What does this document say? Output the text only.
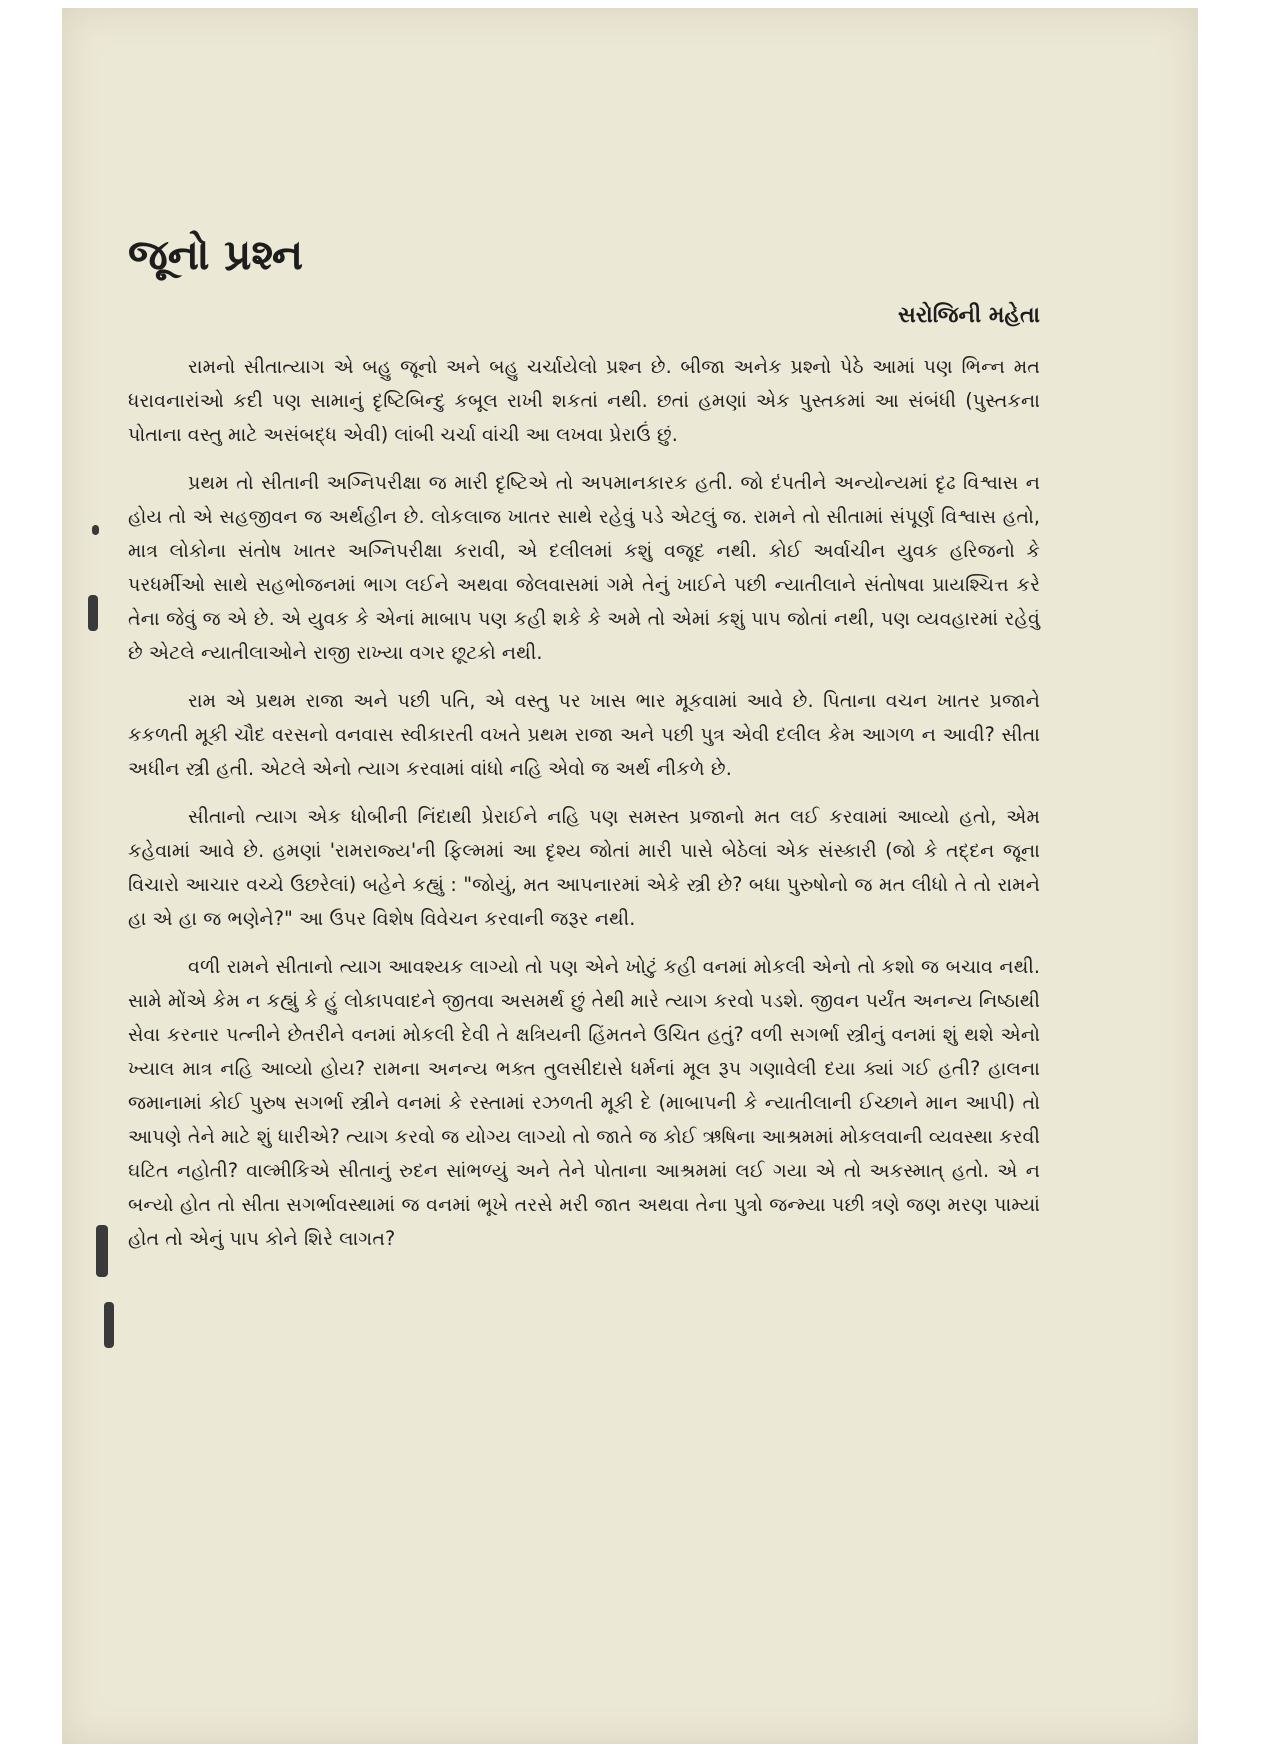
જૂનો પ્રશ્ન
સરોજિની મહેતા

રામનો સીતાત્યાગ એ બહુ જૂનો અને બહુ ચર્ચાયેલો પ્રશ્ન છે. બીજા અનેક પ્રશ્નો પેઠે આમાં પણ ભિન્ન મત ધરાવનારાંઓ કદી પણ સામાનું દૃષ્ટિબિન્દુ કબૂલ રાખી શકતાં નથી. છતાં હમણાં એક પુસ્તકમાં આ સંબંધી (પુસ્તકના પોતાના વસ્તુ માટે અસંબદ્ધ એવી) લાંબી ચર્ચા વાંચી આ લખવા પ્રેરાઉં છું.

પ્રથમ તો સીતાની અગ્નિપરીક્ષા જ મારી દૃષ્ટિએ તો અપમાનકારક હતી. જો દંપતીને અન્યોન્યમાં દૃઢ વિશ્વાસ ન હોય તો એ સહજીવન જ અર્થહીન છે. લોકલાજ ખાતર સાથે રહેવું પડે એટલું જ. રામને તો સીતામાં સંપૂર્ણ વિશ્વાસ હતો, માત્ર લોકોના સંતોષ ખાતર અગ્નિપરીક્ષા કરાવી, એ દલીલમાં કશું વજૂદ નથી. કોઈ અર્વાચીન યુવક હરિજનો કે પરધર્મીઓ સાથે સહભોજનમાં ભાગ લઈને અથવા જેલવાસમાં ગમે તેનું ખાઈને પછી ન્યાતીલાને સંતોષવા પ્રાયશ્ચિત્ત કરે તેના જેવું જ એ છે. એ યુવક કે એનાં માબાપ પણ કહી શકે કે અમે તો એમાં કશું પાપ જોતાં નથી, પણ વ્યવહારમાં રહેવું છે એટલે ન્યાતીલાઓને રાજી રાખ્યા વગર છૂટકો નથી.

રામ એ પ્રથમ રાજા અને પછી પતિ, એ વસ્તુ પર ખાસ ભાર મૂકવામાં આવે છે. પિતાના વચન ખાતર પ્રજાને કકળતી મૂકી ચૌદ વરસનો વનવાસ સ્વીકારતી વખતે પ્રથમ રાજા અને પછી પુત્ર એવી દલીલ કેમ આગળ ન આવી? સીતા અધીન સ્ત્રી હતી. એટલે એનો ત્યાગ કરવામાં વાંધો નહિ એવો જ અર્થ નીકળે છે.

સીતાનો ત્યાગ એક ધોબીની નિંદાથી પ્રેરાઈને નહિ પણ સમસ્ત પ્રજાનો મત લઈ કરવામાં આવ્યો હતો, એમ કહેવામાં આવે છે. હમણાં 'રામરાજ્ય'ની ફિલ્મમાં આ દૃશ્ય જોતાં મારી પાસે બેઠેલાં એક સંસ્કારી (જો કે તદ્દન જૂના વિચારો આચાર વચ્ચે ઉછરેલાં) બહેને કહ્યું : "જોયું, મત આપનારમાં એકે સ્ત્રી છે? બધા પુરુષોનો જ મત લીધો તે તો રામને હા એ હા જ ભણેને?" આ ઉપર વિશેષ વિવેચન કરવાની જરૂર નથી.

વળી રામને સીતાનો ત્યાગ આવશ્યક લાગ્યો તો પણ એને ખોટું કહી વનમાં મોકલી એનો તો કશો જ બચાવ નથી. સામે મોંએ કેમ ન કહ્યું કે હું લોકાપવાદને જીતવા અસમર્થ છું તેથી મારે ત્યાગ કરવો પડશે. જીવન પર્યંત અનન્ય નિષ્ઠાથી સેવા કરનાર પત્નીને છેતરીને વનમાં મોકલી દેવી તે ક્ષત્રિયની હિંમતને ઉચિત હતું? વળી સગર્ભા સ્ત્રીનું વનમાં શું થશે એનો ખ્યાલ માત્ર નહિ આવ્યો હોય? રામના અનન્ય ભક્ત તુલસીદાસે ધર્મનાં મૂલ રૂપ ગણાવેલી દયા ક્યાં ગઈ હતી? હાલના જમાનામાં કોઈ પુરુષ સગર્ભા સ્ત્રીને વનમાં કે રસ્તામાં રઝળતી મૂકી દે (માબાપની કે ન્યાતીલાની ઈચ્છાને માન આપી) તો આપણે તેને માટે શું ધારીએ? ત્યાગ કરવો જ યોગ્ય લાગ્યો તો જાતે જ કોઈ ઋષિના આશ્રમમાં મોકલવાની વ્યવસ્થા કરવી ઘટિત નહોતી? વાલ્મીકિએ સીતાનું રુદન સાંભળ્યું અને તેને પોતાના આશ્રમમાં લઈ ગયા એ તો અકસ્માત્ હતો. એ ન બન્યો હોત તો સીતા સગર્ભાવસ્થામાં જ વનમાં ભૂખે તરસે મરી જાત અથવા તેના પુત્રો જન્મ્યા પછી ત્રણે જણ મરણ પામ્યાં હોત તો એનું પાપ કોને શિરે લાગત?
